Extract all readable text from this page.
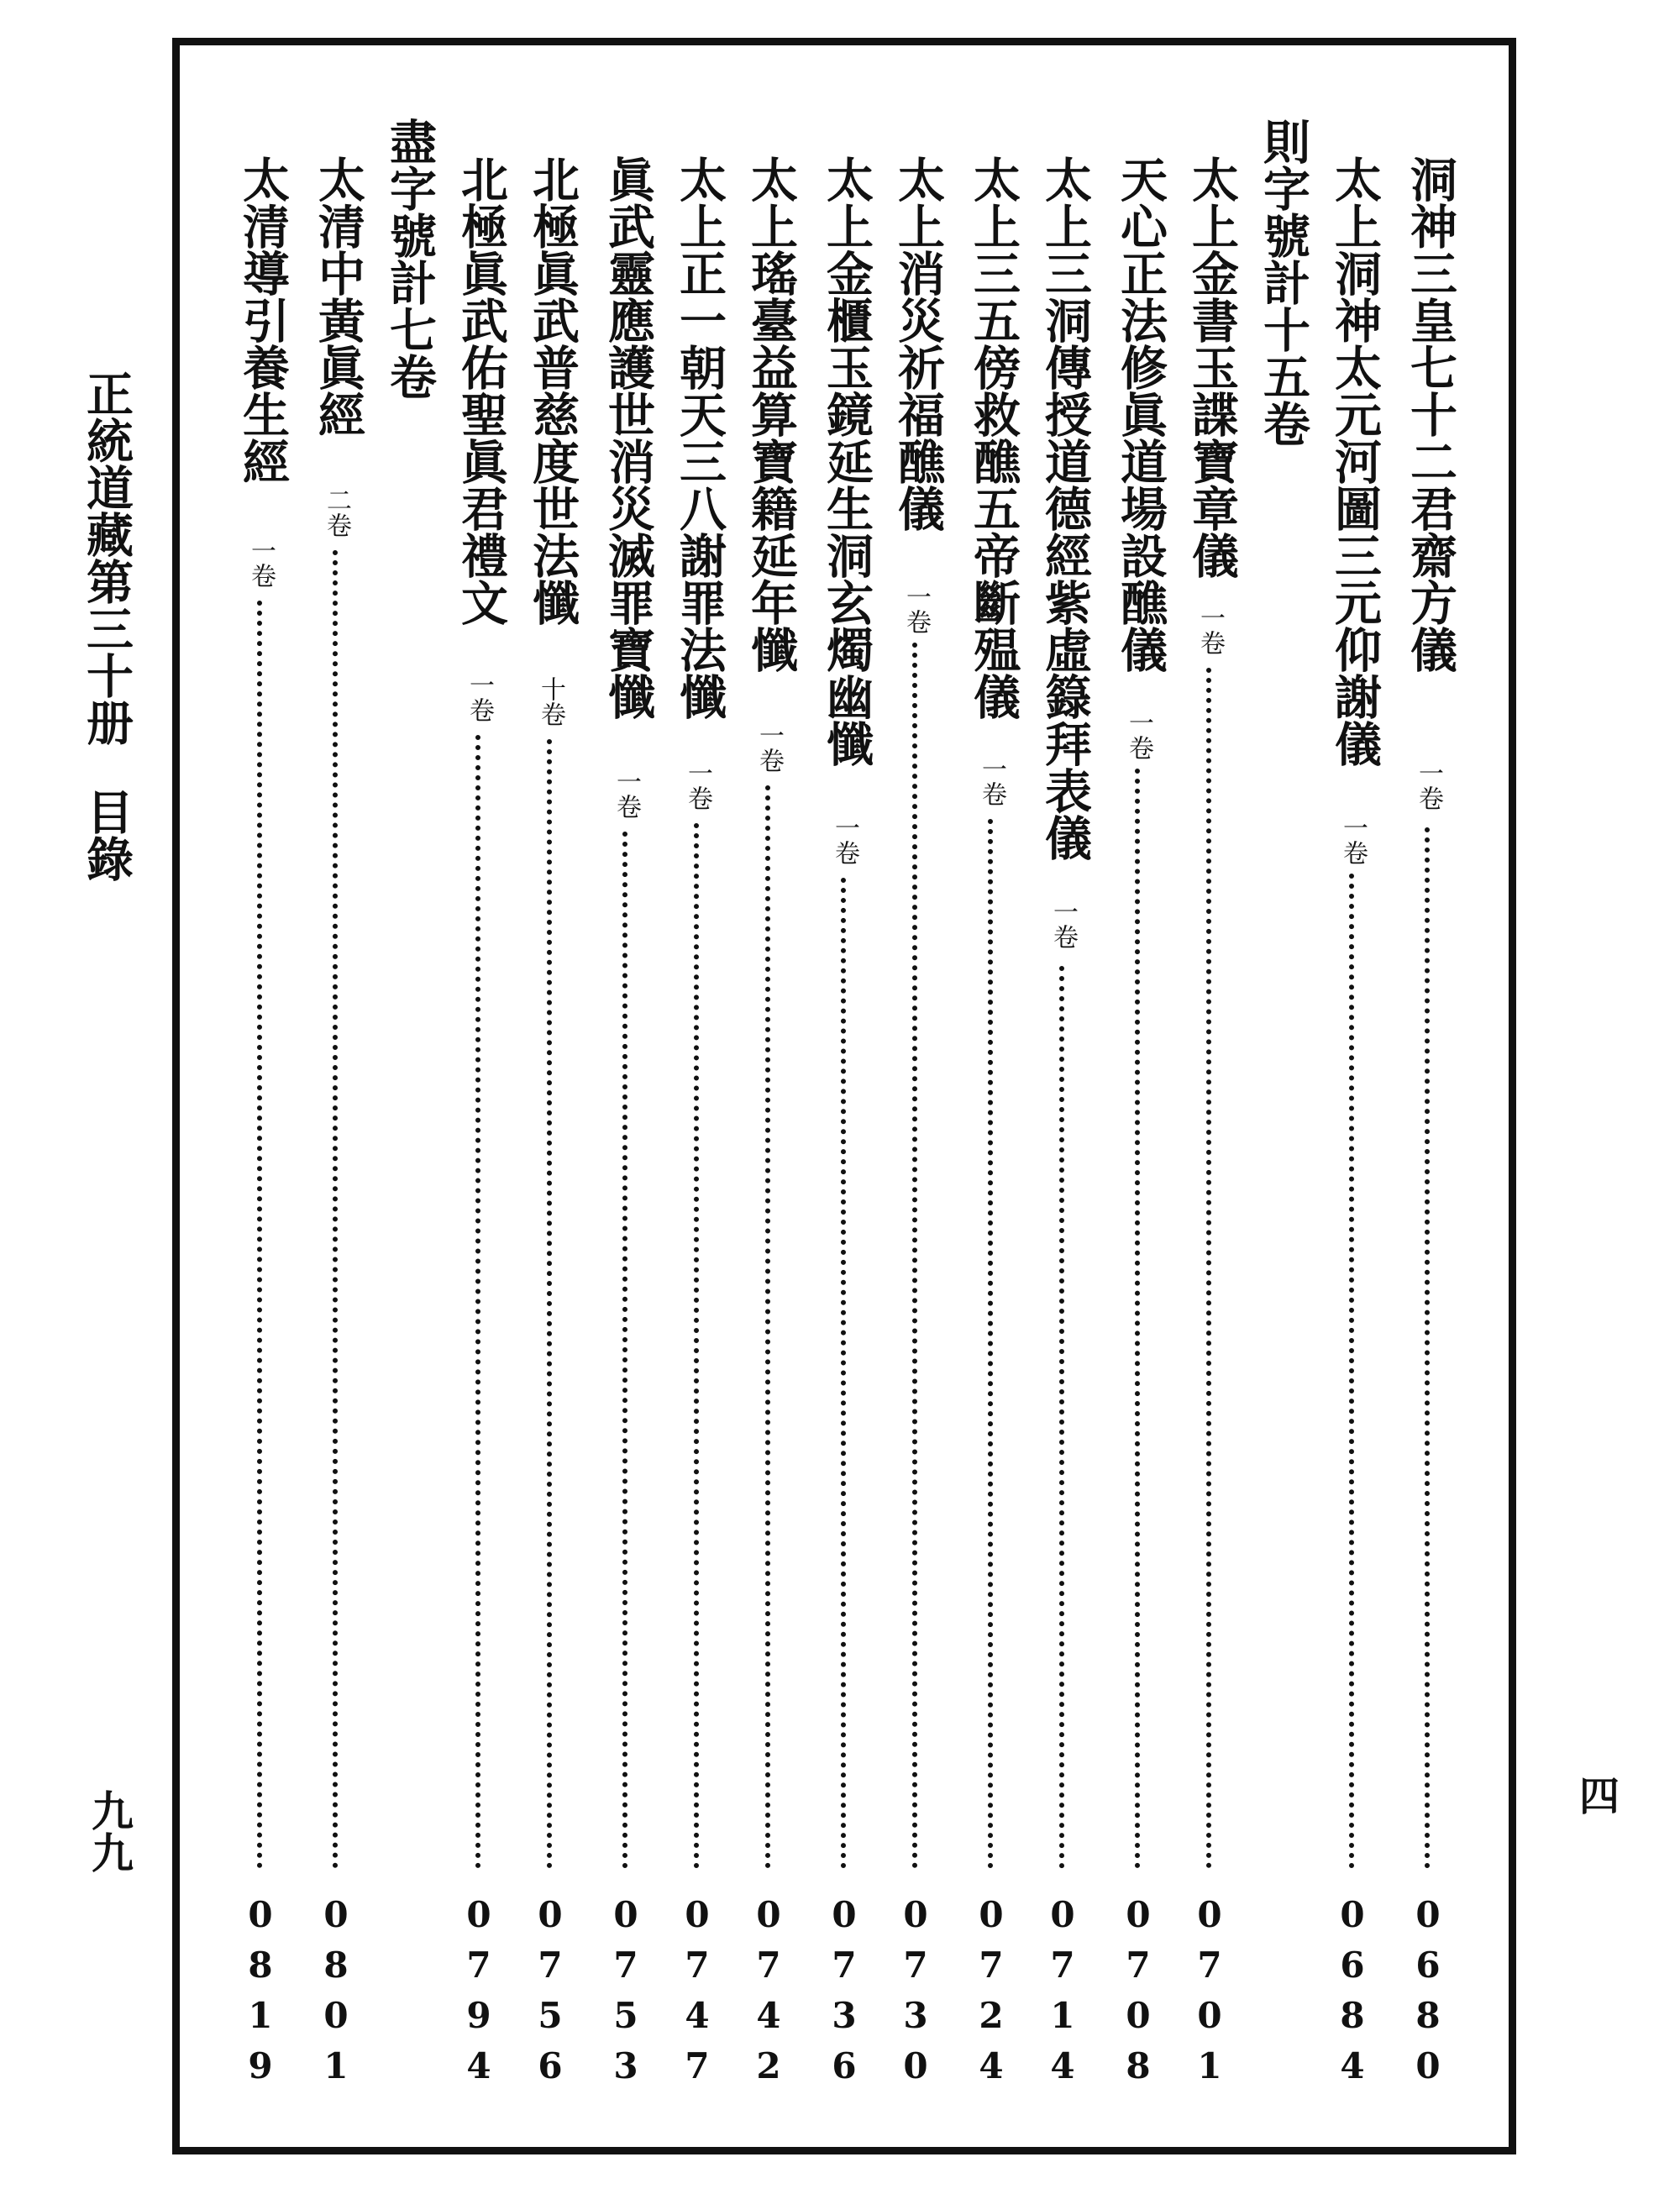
正統道藏第三十册目錄
九九	四
洞神三皇七十二君齋方儀
一卷
0
6
8
0
太上洞神太元河圖三元仰謝儀
一卷
0
6
8
4
則字號計十五卷
太上金書玉諜寶章儀
一卷
0
7
0
1
天心正法修眞道場設醮儀
一卷
0
7
0
8
太上三洞傳授道德經紫虛籙拜表儀
一卷
0
7
1
4
太上三五傍救醮五帝斷殟儀
一卷
0
7
2
4
太上消災祈福醮儀
一卷
0
7
3
0
太上金櫃玉鏡延生洞玄燭幽懺
一卷
0
7
3
6
太上瑤臺益算寶籍延年懺
一卷
0
7
4
2
太上正一朝天三八謝罪法懺
一卷
0
7
4
7
眞武靈應護世消災滅罪寶懺
一卷
0
7
5
3
北極眞武普慈度世法懺
十卷
0
7
5
6
北極眞武佑聖眞君禮文
一卷
0
7
9
4
盡字號計七卷
太清中黃眞經
二卷
0
8
0
1
太清導引養生經
一卷
0
8
1
9
